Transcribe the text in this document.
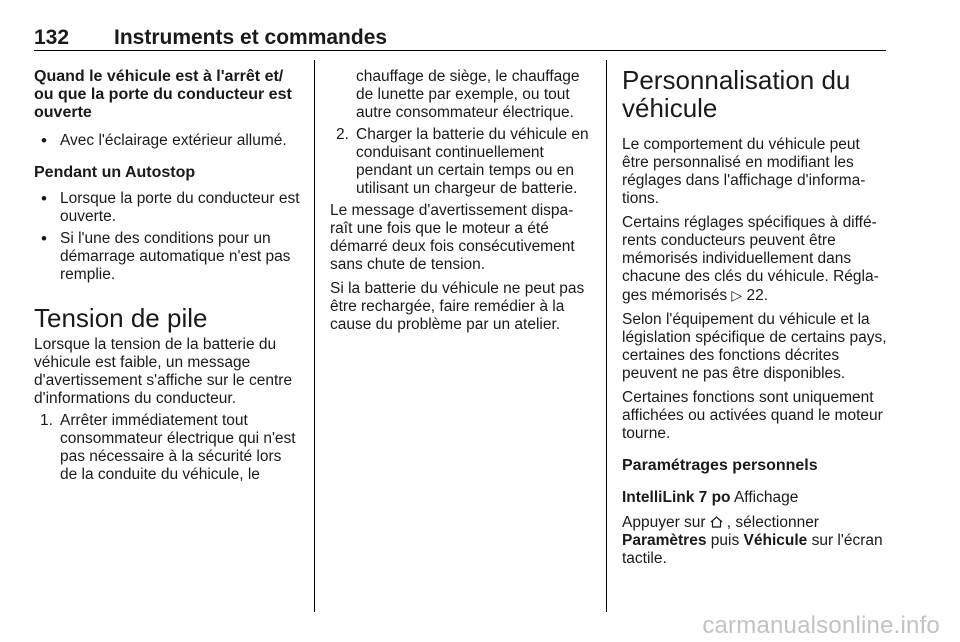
132 Instruments et commandes

Quand le véhicule est à l'arrêt et/ ou que la porte du conducteur est ouverte

• Avec l'éclairage extérieur allumé.

Pendant un Autostop

• Lorsque la porte du conducteur est ouverte.

• Si l'une des conditions pour un démarrage automatique n'est pas remplie.

Tension de pile

Lorsque la tension de la batterie du véhicule est faible, un message d'avertissement s'affiche sur le centre d'informations du conducteur.

1. Arrêter immédiatement tout consommateur électrique qui n'est pas nécessaire à la sécurité lors de la conduite du véhicule, le

chauffage de siège, le chauffage de lunette par exemple, ou tout autre consommateur électrique.

2. Charger la batterie du véhicule en conduisant continuellement pendant un certain temps ou en utilisant un chargeur de batterie.

Le message d'avertissement dispa‐ raît une fois que le moteur a été démarré deux fois consécutivement sans chute de tension.

Si la batterie du véhicule ne peut pas être rechargée, faire remédier à la cause du problème par un atelier.

Personnalisation du véhicule

Le comportement du véhicule peut être personnalisé en modifiant les réglages dans l'affichage d'informa‐ tions.

Certains réglages spécifiques à diffé‐ rents conducteurs peuvent être mémorisés individuellement dans chacune des clés du véhicule. Régla‐ ges mémorisés ▷ 22.

Selon l'équipement du véhicule et la législation spécifique de certains pays, certaines des fonctions décrites peuvent ne pas être disponibles.

Certaines fonctions sont uniquement affichées ou activées quand le moteur tourne.

Paramétrages personnels

IntelliLink 7 po Affichage

Appuyer sur , sélectionner
Paramètres puis Véhicule sur l'écran tactile.

carmanualsonline.info
